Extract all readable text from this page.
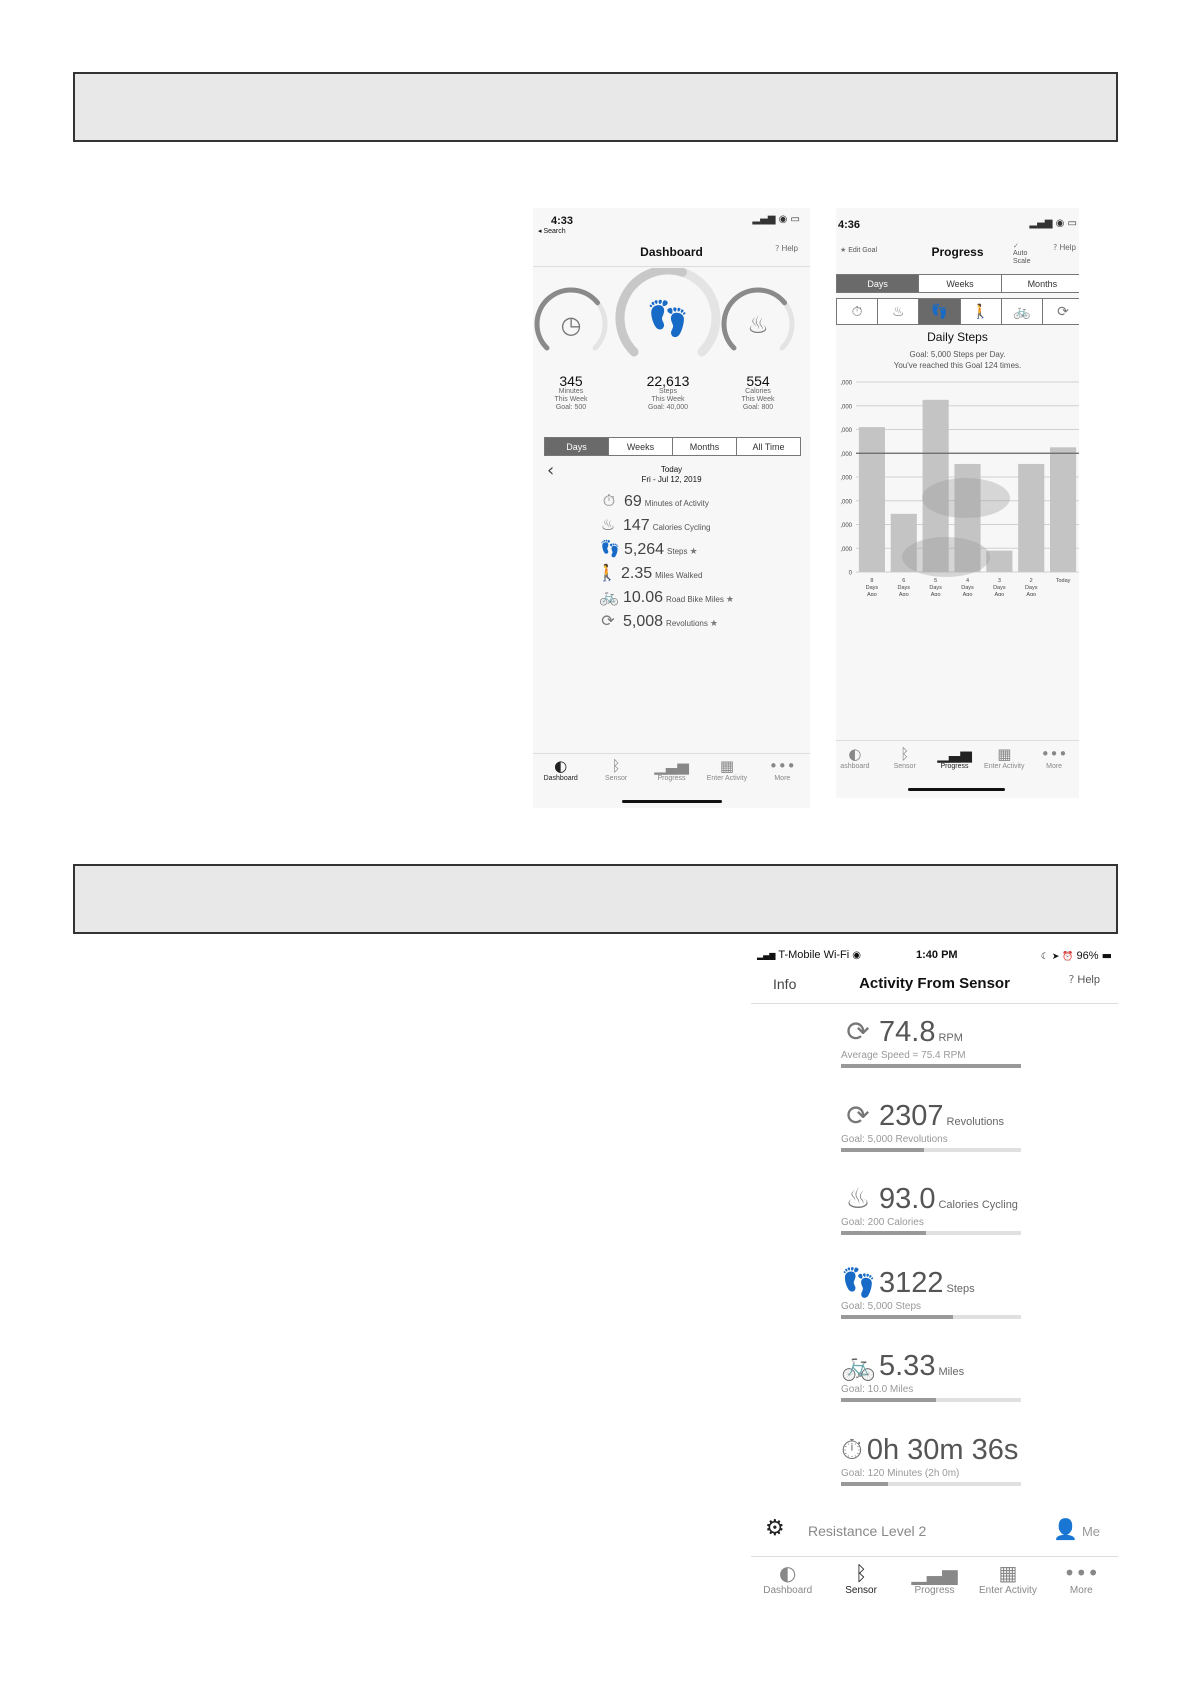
4:33
◂ Search
▂▄▆ ◉ ▭
Dashboard	? Help
◷ 👣 ♨
345
Minutes
This Week
Goal: 500
22,613
Steps
This Week
Goal: 40,000
554
Calories
This Week
Goal: 800
Days	Weeks	Months	All Time
‹	Today
Fri - Jul 12, 2019
⏱ 69 Minutes of Activity
♨ 147 Calories Cycling
👣 5,264 Steps ★
🚶 2.35 Miles Walked
🚲 10.06 Road Bike Miles ★
⟳ 5,008 Revolutions ★
◐
Dashboard
ᛒ
Sensor
▁▃▅
Progress
▦
Enter Activity
•••
More
4:36	▂▄▆ ◉ ▭
★ Edit Goal	Progress	✓
Auto
Scale
? Help
Days	Weeks	Months
⏱ ♨ 👣 🚶 🚲 ⟳
Daily Steps
Goal: 5,000 Steps per Day.
You've reached this Goal 124 times.
,000
,000
,000
,000
,000
,000
,000
,000
0
8 Days Ago
6 Days Ago
5 Days Ago
4 Days Ago
3 Days Ago
2 Days Ago
Today
◐
ashboard
ᛒ
Sensor
▁▃▅
Progress
▦
Enter Activity
•••
More
▂▄▆ T-Mobile Wi-Fi ◉	1:40 PM	☾ ➤ ⏰ 96% ▬
Info	Activity From Sensor	? Help
⟳ 74.8 RPM
Average Speed = 75.4 RPM
⟳ 2307 Revolutions
Goal: 5,000 Revolutions
♨ 93.0 Calories Cycling
Goal: 200 Calories
👣 3122 Steps
Goal: 5,000 Steps
🚲 5.33 Miles
Goal: 10.0 Miles
⏱ 0h 30m 36s
Goal: 120 Minutes (2h 0m)
⚙ Resistance Level 2	👤 Me
◐
Dashboard
ᛒ
Sensor
▁▃▅
Progress
▦
Enter Activity
•••
More
